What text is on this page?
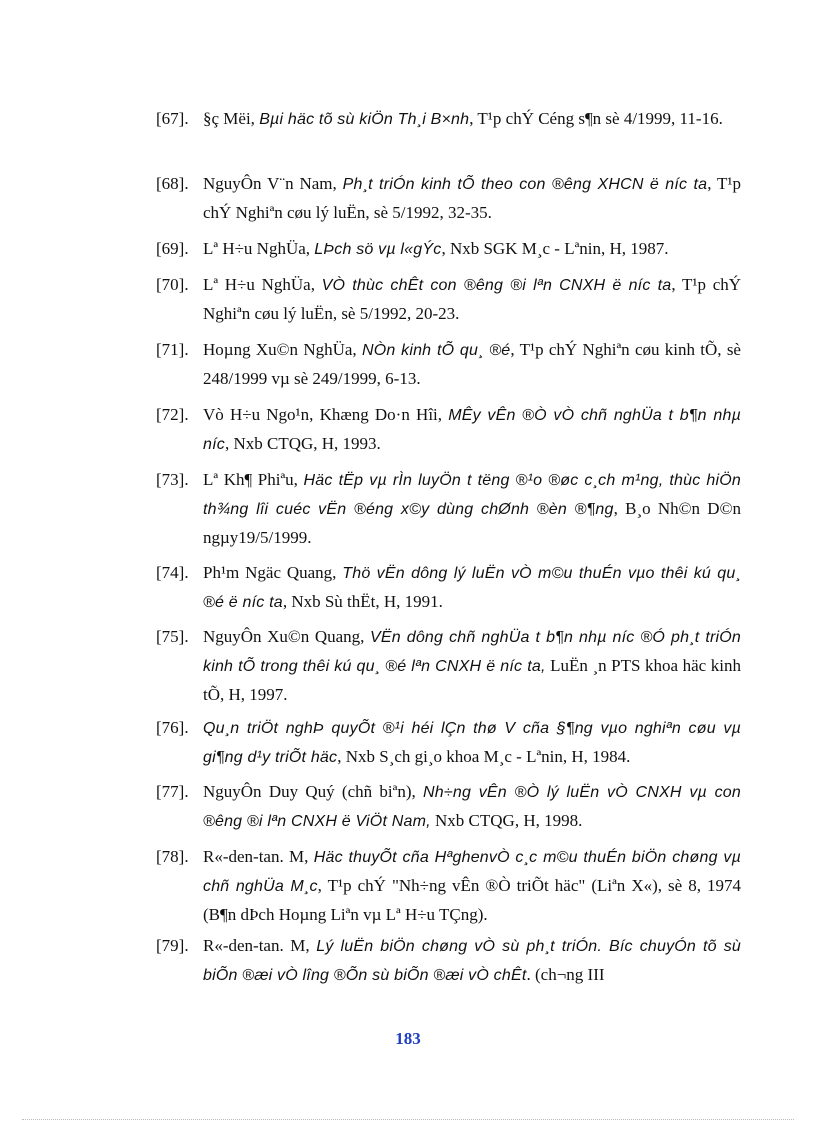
[67]. §ç Mëi, Bµi häc tõ sù kiÖn Th¸i B×nh, T¹p chÝ Céng s¶n sè 4/1999, 11-16.
[68]. NguyÔn V¨n Nam, Ph¸t triÓn kinh tÕ theo con ®êng XHCN ë níc ta, T¹p chÝ Nghiªn cøu lý luËn, sè 5/1992, 32-35.
[69]. Lª H÷u NghÜa, LÞch sö vµ l«gÝc, Nxb SGK M¸c - Lªnin, H, 1987.
[70]. Lª H÷u NghÜa, VÒ thùc chÊt con ®êng ®i lªn CNXH ë níc ta, T¹p chÝ Nghiªn cøu lý luËn, sè 5/1992, 20-23.
[71]. Hoµng Xu©n NghÜa, NÒn kinh tÕ qu¸ ®é, T¹p chÝ Nghiªn cøu kinh tÕ, sè 248/1999 vµ sè 249/1999, 6-13.
[72]. Vò H÷u Ngo¹n, Khæng Do·n Hîi, MÊy vÊn ®Ò vÒ chñ nghÜa t b¶n nhµ níc, Nxb CTQG, H, 1993.
[73]. Lª Kh¶ Phiªu, Häc tËp vµ rÌn luyÖn t tëng ®¹o ®øc c¸ch m¹ng, thùc hiÖn th¾ng lîi cuéc vËn ®éng x©y dùng chØnh ®èn ®¶ng, B¸o Nh©n D©n ngµy19/5/1999.
[74]. Ph¹m Ngäc Quang, Thö vËn dông lý luËn vÒ m©u thuÉn vµo thêi kú qu¸ ®é ë níc ta, Nxb Sù thËt, H, 1991.
[75]. NguyÔn Xu©n Quang, VËn dông chñ nghÜa t b¶n nhµ níc ®Ó ph¸t triÓn kinh tÕ trong thêi kú qu¸ ®é lªn CNXH ë níc ta, LuËn ¸n PTS khoa häc kinh tÕ, H, 1997.
[76]. Qu¸n triÖt nghÞ quyÕt ®¹i héi lÇn thø V cña §¶ng vµo nghiªn cøu vµ gi¶ng d¹y triÕt häc, Nxb S¸ch gi¸o khoa M¸c - Lªnin, H, 1984.
[77]. NguyÔn Duy Quý (chñ biªn), Nh÷ng vÊn ®Ò lý luËn vÒ CNXH vµ con ®êng ®i lªn CNXH ë ViÖt Nam, Nxb CTQG, H, 1998.
[78]. R«-den-tan. M, Häc thuyÕt cña HªghenvÒ c¸c m©u thuÉn biÖn chøng vµ chñ nghÜa M¸c, T¹p chÝ "Nh÷ng vÊn ®Ò triÕt häc" (Liªn X«), sè 8, 1974 (B¶n dÞch Hoµng Liªn vµ Lª H÷u TÇng).
[79]. R«-den-tan. M, Lý luËn biÖn chøng vÒ sù ph¸t triÓn. Bíc chuyÓn tõ sù biÕn ®æi vÒ lîng ®Õn sù biÕn ®æi vÒ chÊt. (ch¬ng III
183
